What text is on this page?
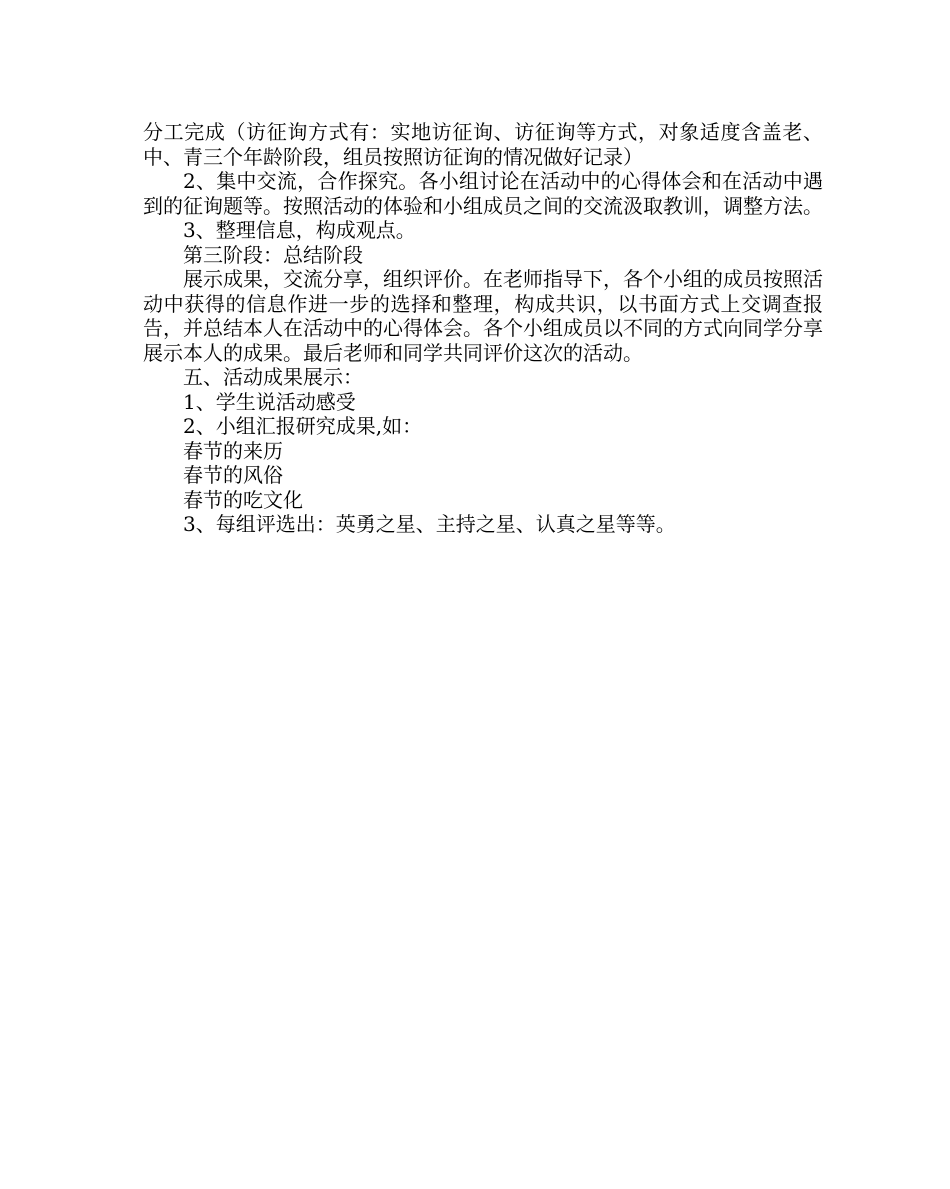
分工完成（访征询方式有：实地访征询、访征询等方式，对象适度含盖老、中、青三个年龄阶段，组员按照访征询的情况做好记录）

2、集中交流，合作探究。各小组讨论在活动中的心得体会和在活动中遇到的征询题等。按照活动的体验和小组成员之间的交流汲取教训，调整方法。

3、整理信息，构成观点。

第三阶段：总结阶段

展示成果，交流分享，组织评价。在老师指导下，各个小组的成员按照活动中获得的信息作进一步的选择和整理，构成共识，以书面方式上交调查报告，并总结本人在活动中的心得体会。各个小组成员以不同的方式向同学分享展示本人的成果。最后老师和同学共同评价这次的活动。

五、活动成果展示：

1、学生说活动感受

2、小组汇报研究成果,如：

春节的来历

春节的风俗

春节的吃文化

3、每组评选出：英勇之星、主持之星、认真之星等等。
